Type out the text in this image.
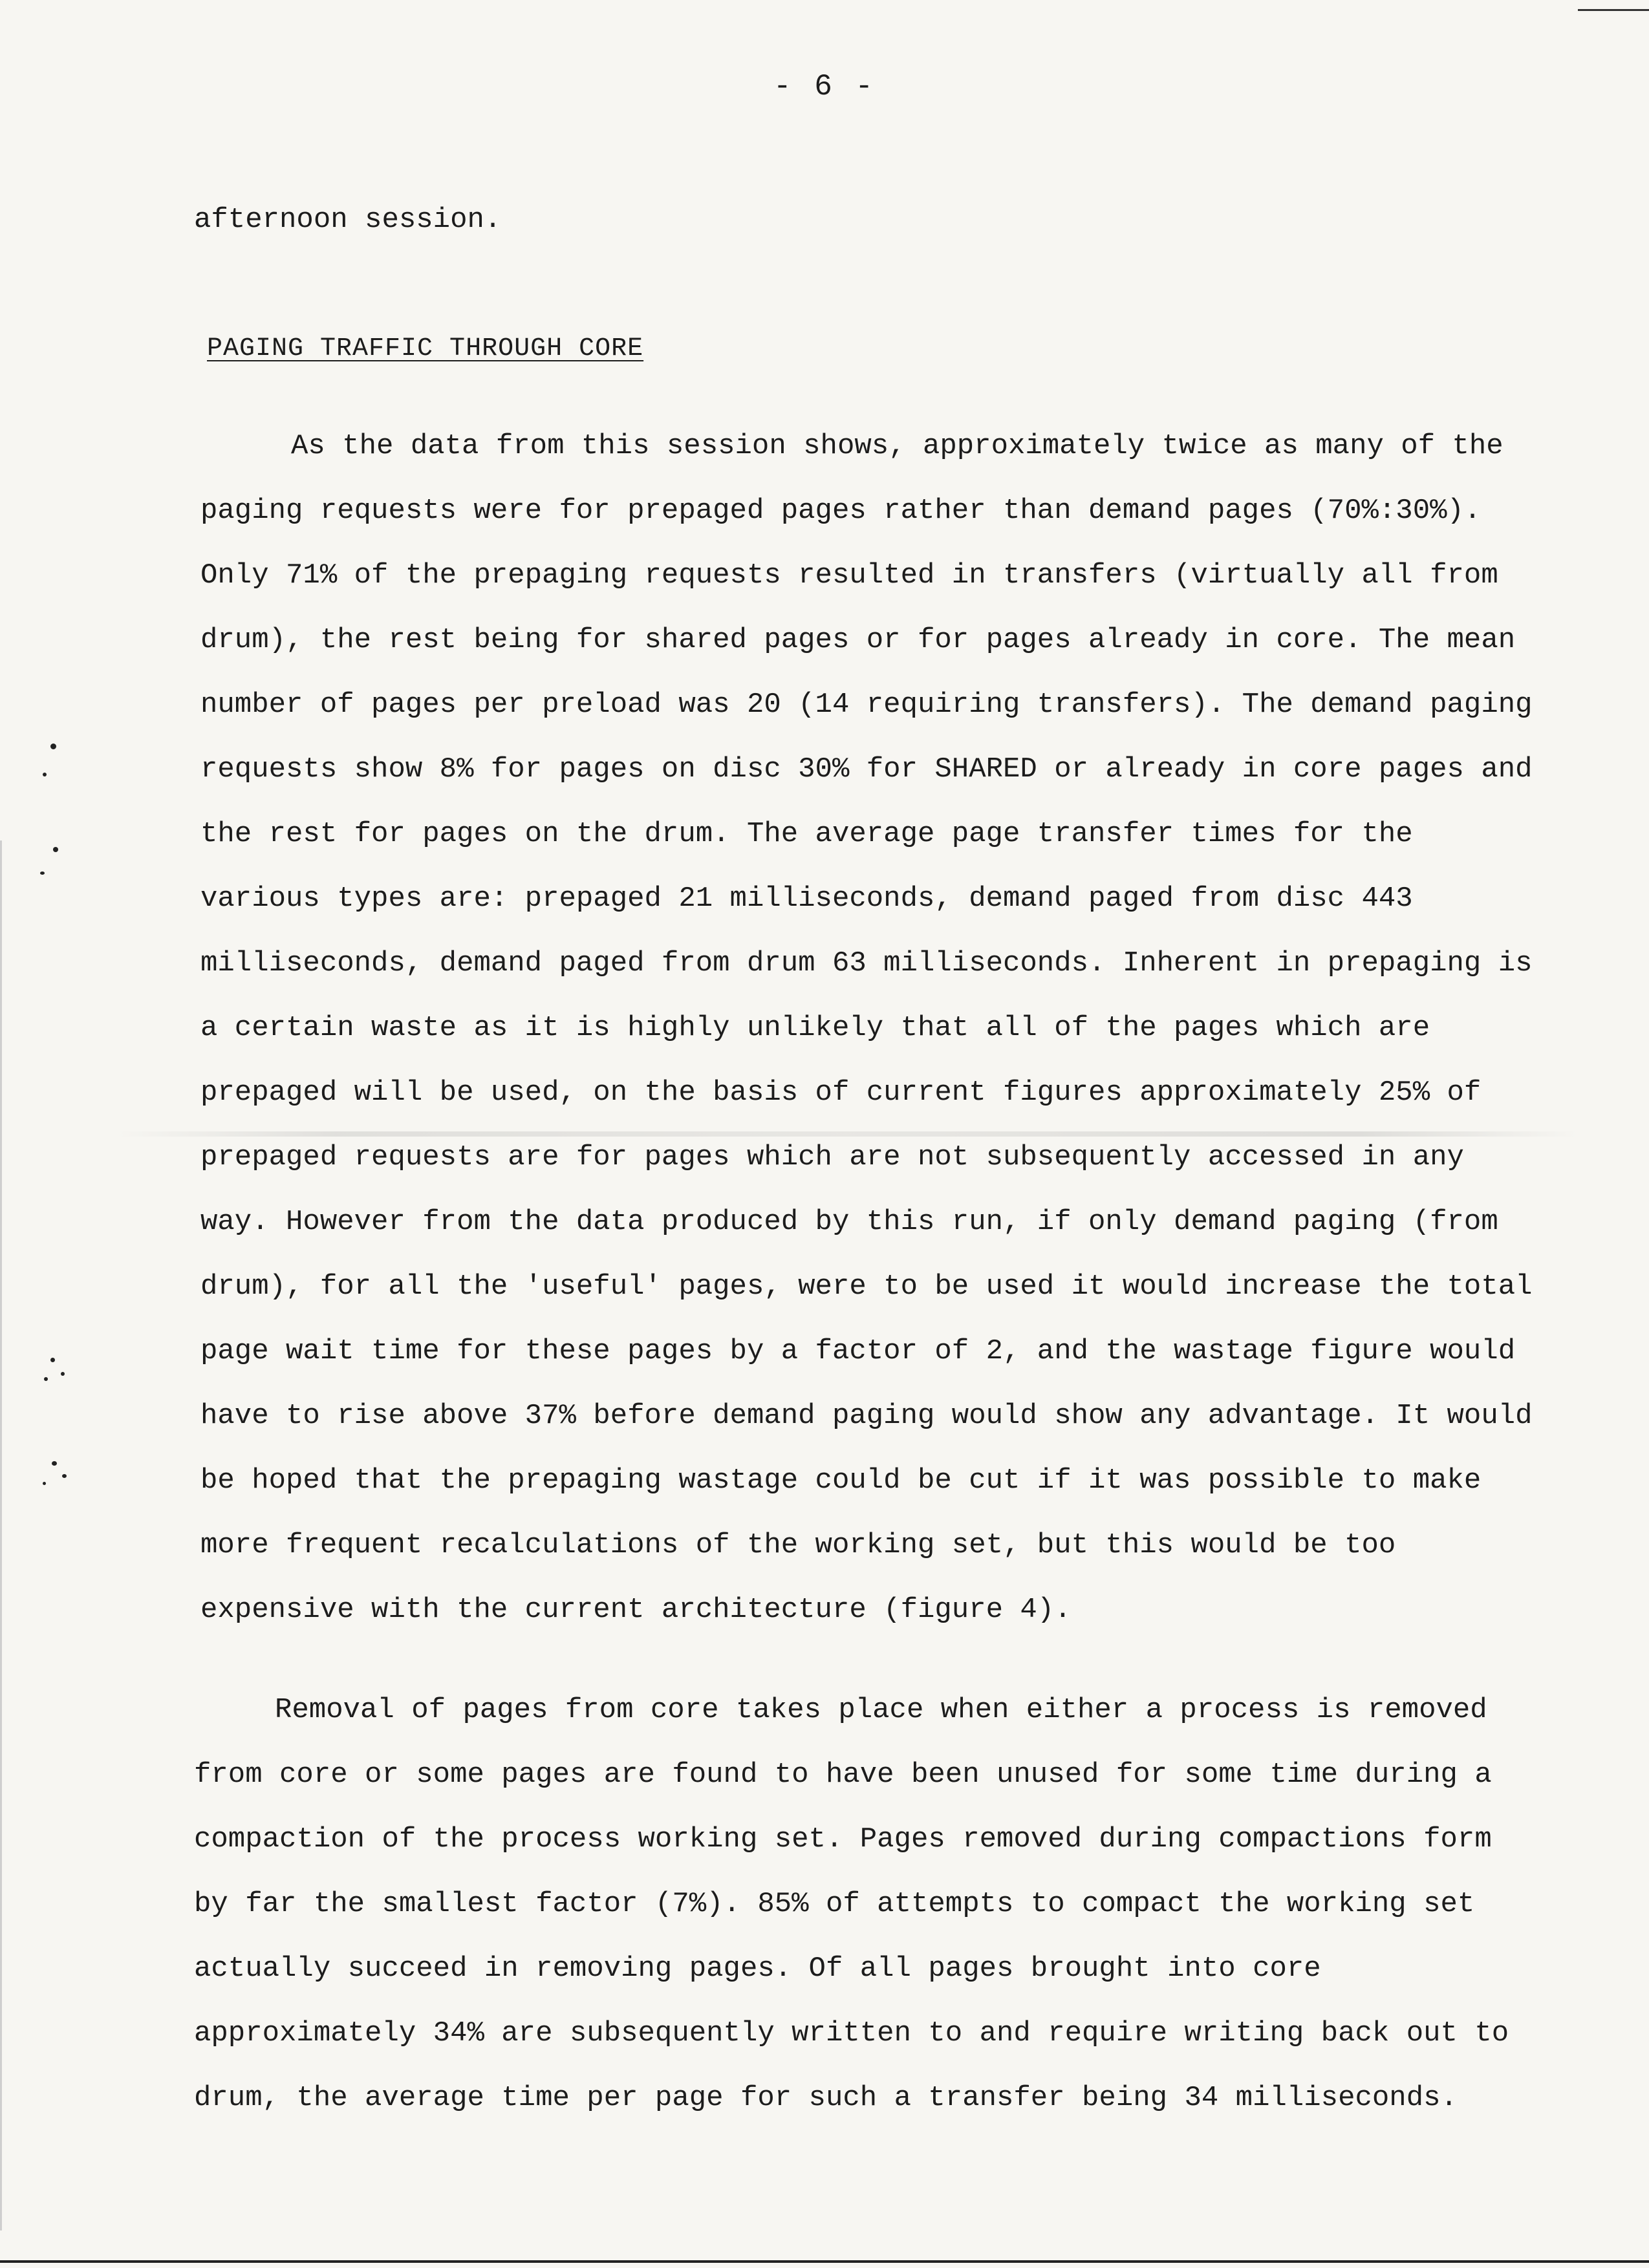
- 6 -
afternoon session.
PAGING TRAFFIC THROUGH CORE
As the data from this session shows, approximately twice as many of the paging requests were for prepaged pages rather than demand pages (70%:30%). Only 71% of the prepaging requests resulted in transfers (virtually all from drum), the rest being for shared pages or for pages already in core. The mean number of pages per preload was 20 (14 requiring transfers). The demand paging requests show 8% for pages on disc 30% for SHARED or already in core pages and the rest for pages on the drum. The average page transfer times for the various types are: prepaged 21 milliseconds, demand paged from disc 443 milliseconds, demand paged from drum 63 milliseconds. Inherent in prepaging is a certain waste as it is highly unlikely that all of the pages which are prepaged will be used, on the basis of current figures approximately 25% of prepaged requests are for pages which are not subsequently accessed in any way. However from the data produced by this run, if only demand paging (from drum), for all the 'useful' pages, were to be used it would increase the total page wait time for these pages by a factor of 2, and the wastage figure would have to rise above 37% before demand paging would show any advantage. It would be hoped that the prepaging wastage could be cut if it was possible to make more frequent recalculations of the working set, but this would be too expensive with the current architecture (figure 4).
Removal of pages from core takes place when either a process is removed from core or some pages are found to have been unused for some time during a compaction of the process working set. Pages removed during compactions form by far the smallest factor (7%). 85% of attempts to compact the working set actually succeed in removing pages. Of all pages brought into core approximately 34% are subsequently written to and require writing back out to drum, the average time per page for such a transfer being 34 milliseconds.
